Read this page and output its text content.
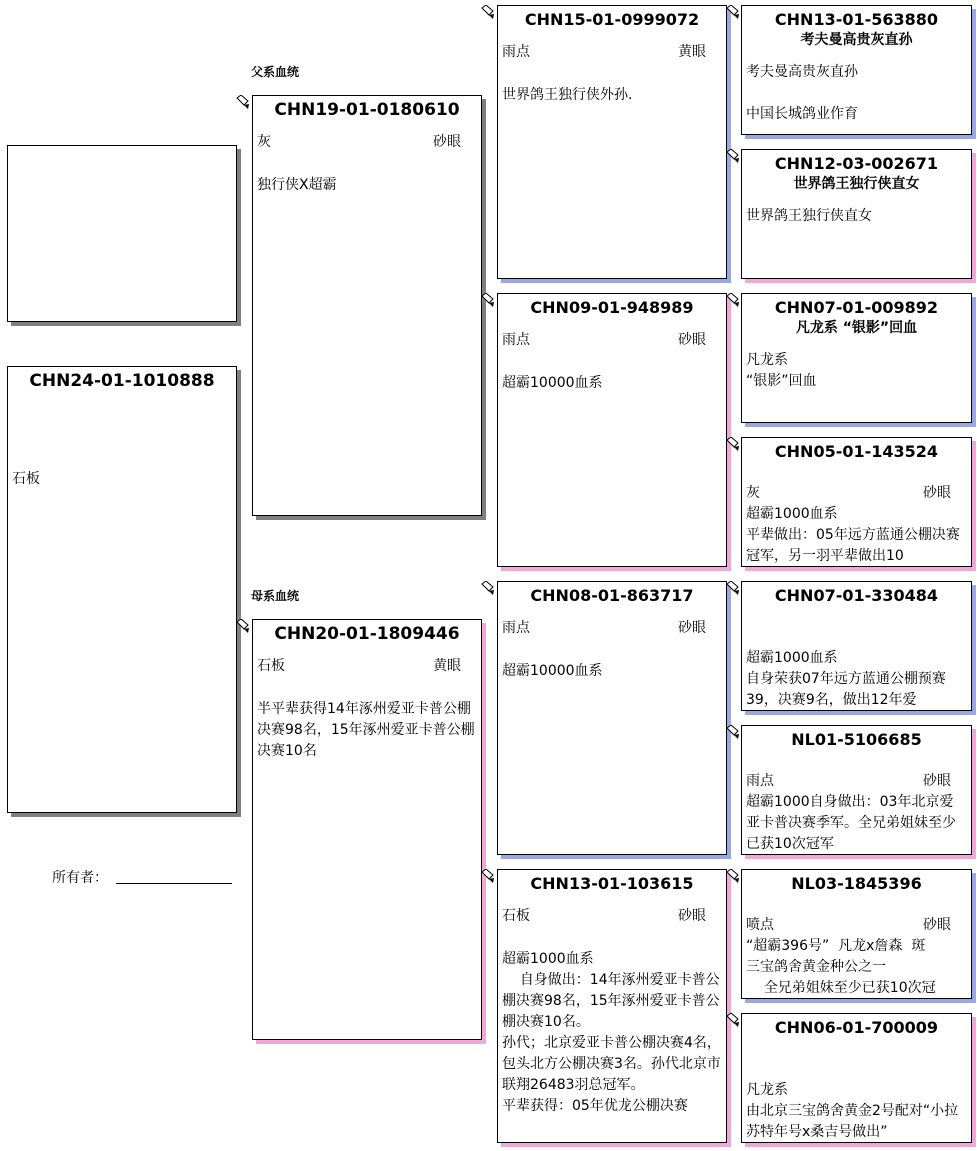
父系血统
母系血统
CHN24-01-1010888
石板
所有者：
CHN19-01-0180610
灰	砂眼
独行侠X超霸
CHN20-01-1809446
石板	黄眼
半平辈获得14年涿州爱亚卡普公棚决赛98名，15年涿州爱亚卡普公棚决赛10名
CHN15-01-0999072
雨点	黄眼
世界鸽王独行侠外孙.
CHN09-01-948989
雨点	砂眼
超霸10000血系
CHN08-01-863717
雨点	砂眼
超霸10000血系
CHN13-01-103615
石板	砂眼
超霸1000血系
自身做出：14年涿州爱亚卡普公棚决赛98名，15年涿州爱亚卡普公棚决赛10名。
孙代；北京爱亚卡普公棚决赛4名，包头北方公棚决赛3名。孙代北京市联翔26483羽总冠军。
平辈获得：05年优龙公棚决赛
CHN13-01-563880
考夫曼高贵灰直孙
考夫曼高贵灰直孙
中国长城鸽业作育
CHN12-03-002671
世界鸽王独行侠直女
世界鸽王独行侠直女
CHN07-01-009892
凡龙系 “银影”回血
凡龙系
“银影”回血
CHN05-01-143524
灰	砂眼
超霸1000血系
平辈做出：05年远方蓝通公棚决赛冠军，另一羽平辈做出10
CHN07-01-330484
超霸1000血系
自身荣获07年远方蓝通公棚预赛39，决赛9名，做出12年爱
NL01-5106685
雨点	砂眼
超霸1000自身做出：03年北京爱亚卡普决赛季军。全兄弟姐妹至少已获10次冠军
NL03-1845396
喷点	砂眼
“超霸396号”  凡龙x詹森  斑
三宝鸽舍黄金种公之一
全兄弟姐妹至少已获10次冠
CHN06-01-700009
凡龙系
由北京三宝鸽舍黄金2号配对“小拉苏特年号x桑吉号做出”
